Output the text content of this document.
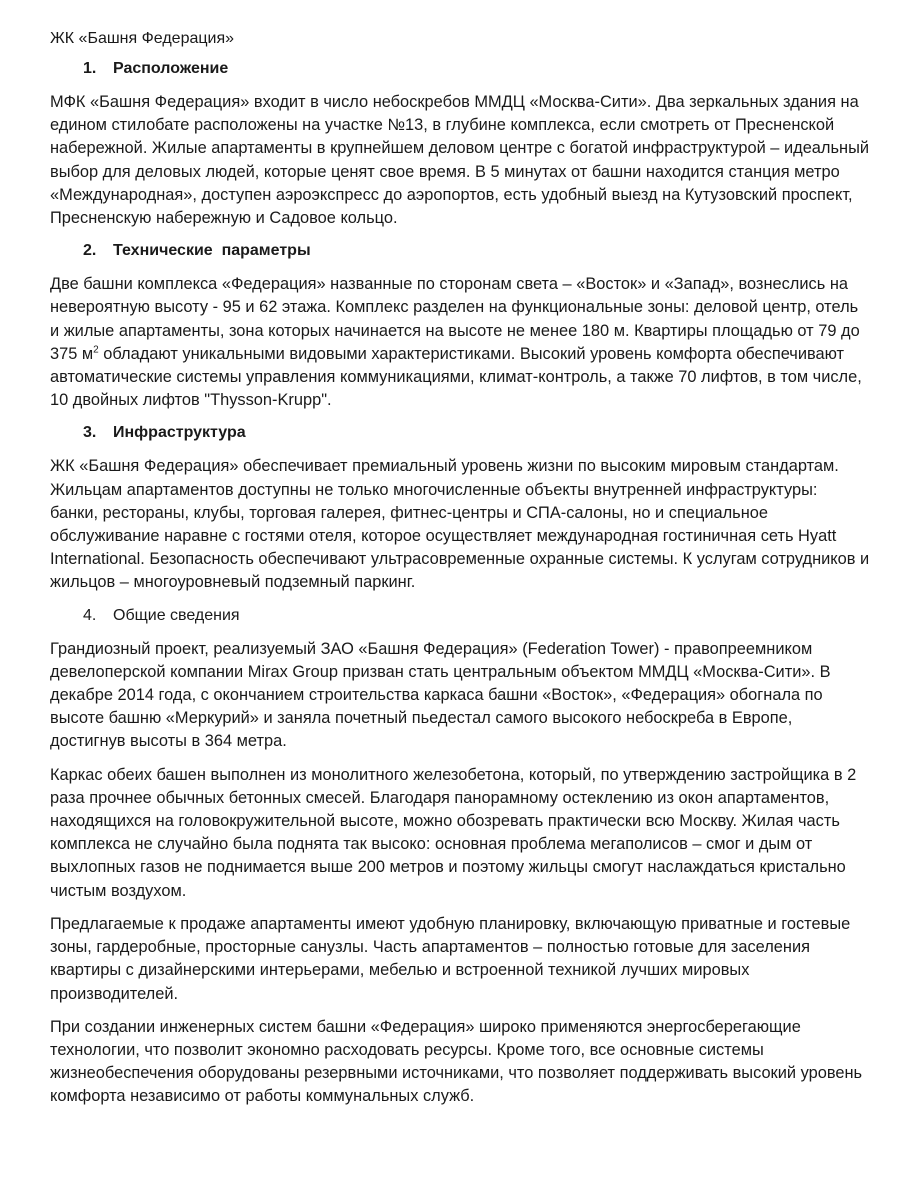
ЖК «Башня Федерация»
1.	Расположение

МФК «Башня Федерация» входит в число небоскребов ММДЦ «Москва-Сити». Два зеркальных здания на едином стилобате расположены на участке №13, в глубине комплекса, если смотреть от Пресненской набережной. Жилые апартаменты в крупнейшем деловом центре с богатой инфраструктурой – идеальный выбор для деловых людей, которые ценят свое время. В 5 минутах от башни находится станция метро «Международная», доступен аэроэкспресс до аэропортов, есть удобный выезд на Кутузовский проспект, Пресненскую набережную и Садовое кольцо.

2.	Технические  параметры

Две башни комплекса «Федерация» названные по сторонам света – «Восток» и «Запад», вознеслись на невероятную высоту - 95 и 62 этажа. Комплекс разделен на функциональные зоны: деловой центр, отель и жилые апартаменты, зона которых начинается на высоте не менее 180 м. Квартиры площадью от 79 до 375 $м^2$ обладают уникальными видовыми характеристиками. Высокий уровень комфорта обеспечивают автоматические системы управления коммуникациями, климат-контроль, а также 70 лифтов, в том числе, 10 двойных лифтов "Thysson-Krupp".

3.	Инфраструктура

ЖК «Башня Федерация» обеспечивает премиальный уровень жизни по высоким мировым стандартам. Жильцам апартаментов доступны не только многочисленные объекты внутренней инфраструктуры: банки, рестораны, клубы, торговая галерея, фитнес-центры и СПА-салоны, но и специальное обслуживание наравне с гостями отеля, которое осуществляет международная гостиничная сеть Hyatt International. Безопасность обеспечивают ультрасовременные охранные системы. К услугам сотрудников и жильцов – многоуровневый подземный паркинг.

4.	Общие сведения

Грандиозный проект, реализуемый ЗАО «Башня Федерация» (Federation Tower) - правопреемником девелоперской компании Mirax Group призван стать центральным объектом ММДЦ «Москва-Сити». В декабре 2014 года, с окончанием строительства каркаса башни «Восток», «Федерация» обогнала по высоте башню «Меркурий» и заняла почетный пьедестал самого высокого небоскреба в Европе, достигнув высоты в 364 метра.

Каркас обеих башен выполнен из монолитного железобетона, который, по утверждению застройщика в 2 раза прочнее обычных бетонных смесей. Благодаря панорамному остеклению из окон апартаментов, находящихся на головокружительной высоте, можно обозревать практически всю Москву. Жилая часть комплекса не случайно была поднята так высоко: основная проблема мегаполисов – смог и дым от выхлопных газов не поднимается выше 200 метров и поэтому жильцы смогут наслаждаться кристально чистым воздухом.

Предлагаемые к продаже апартаменты имеют удобную планировку, включающую приватные и гостевые зоны, гардеробные, просторные санузлы. Часть апартаментов – полностью готовые для заселения квартиры с дизайнерскими интерьерами, мебелью и встроенной техникой лучших мировых производителей.

При создании инженерных систем башни «Федерация» широко применяются энергосберегающие технологии, что позволит экономно расходовать ресурсы. Кроме того, все основные системы жизнеобеспечения оборудованы резервными источниками, что позволяет поддерживать высокий уровень комфорта независимо от работы коммунальных служб.
